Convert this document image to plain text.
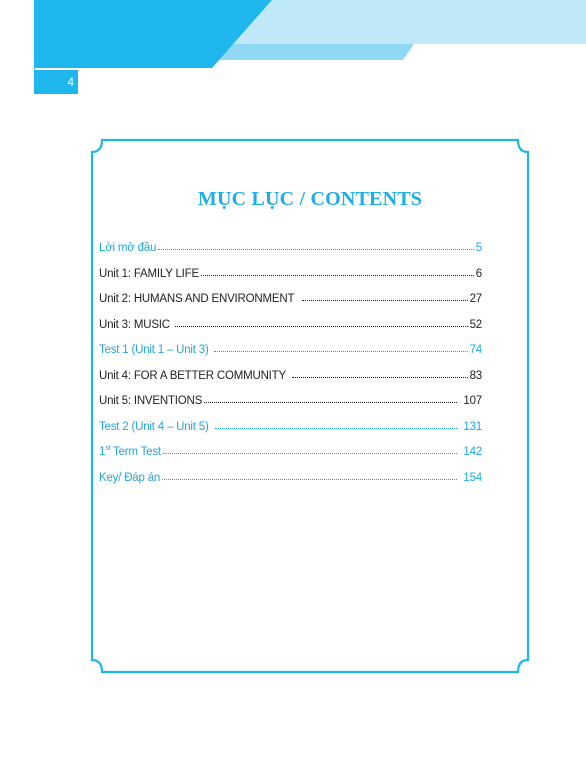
4
MỤC LỤC / CONTENTS
Lời mở đầu	5
Unit 1: FAMILY LIFE	6
Unit 2: HUMANS AND ENVIRONMENT	27
Unit 3: MUSIC	52
Test 1 (Unit 1 – Unit 3)	74
Unit 4: FOR A BETTER COMMUNITY	83
Unit 5: INVENTIONS	107
Test 2 (Unit 4 – Unit 5)	131
1st Term Test	142
Key/ Đáp án	154
